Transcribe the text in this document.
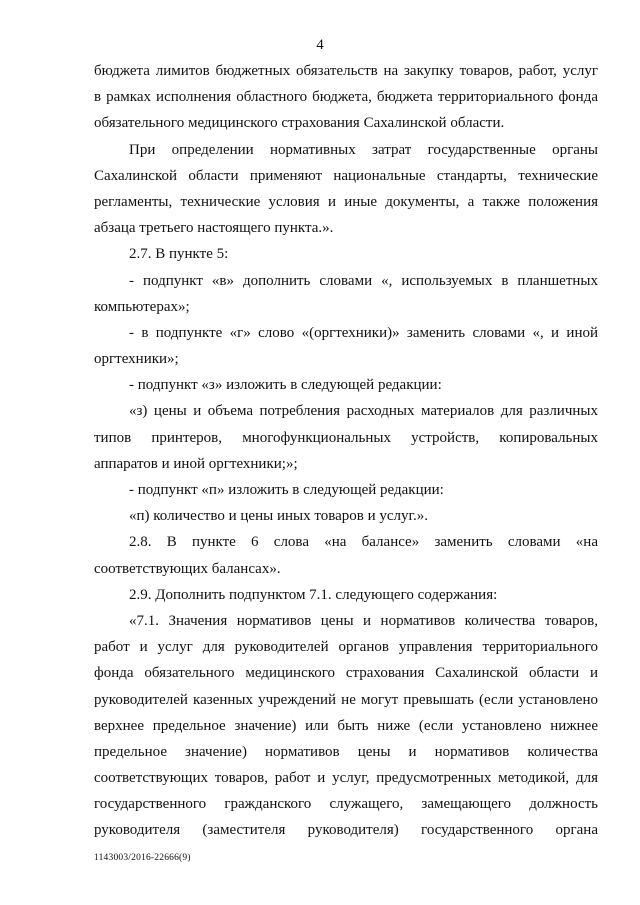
4
бюджета лимитов бюджетных обязательств на закупку товаров, работ, услуг
в рамках исполнения областного бюджета, бюджета территориального фонда
обязательного медицинского страхования Сахалинской области.
При определении нормативных затрат государственные органы
Сахалинской области применяют национальные стандарты, технические
регламенты, технические условия и иные документы, а также положения
абзаца третьего настоящего пункта.».
2.7. В пункте 5:
- подпункт «в» дополнить словами «, используемых в планшетных
компьютерах»;
- в подпункте «г» слово «(оргтехники)» заменить словами «, и иной
оргтехники»;
- подпункт «з» изложить в следующей редакции:
«з) цены и объема потребления расходных материалов для различных
типов принтеров, многофункциональных устройств, копировальных
аппаратов и иной оргтехники;»;
- подпункт «п» изложить в следующей редакции:
«п) количество и цены иных товаров и услуг.».
2.8. В пункте 6 слова «на балансе» заменить словами «на
соответствующих балансах».
2.9. Дополнить подпунктом 7.1. следующего содержания:
«7.1. Значения нормативов цены и нормативов количества товаров,
работ и услуг для руководителей органов управления территориального
фонда обязательного медицинского страхования Сахалинской области и
руководителей казенных учреждений не могут превышать (если установлено
верхнее предельное значение) или быть ниже (если установлено нижнее
предельное значение) нормативов цены и нормативов количества
соответствующих товаров, работ и услуг, предусмотренных методикой, для
государственного гражданского служащего, замещающего должность
руководителя (заместителя руководителя) государственного органа
1143003/2016-22666(9)
